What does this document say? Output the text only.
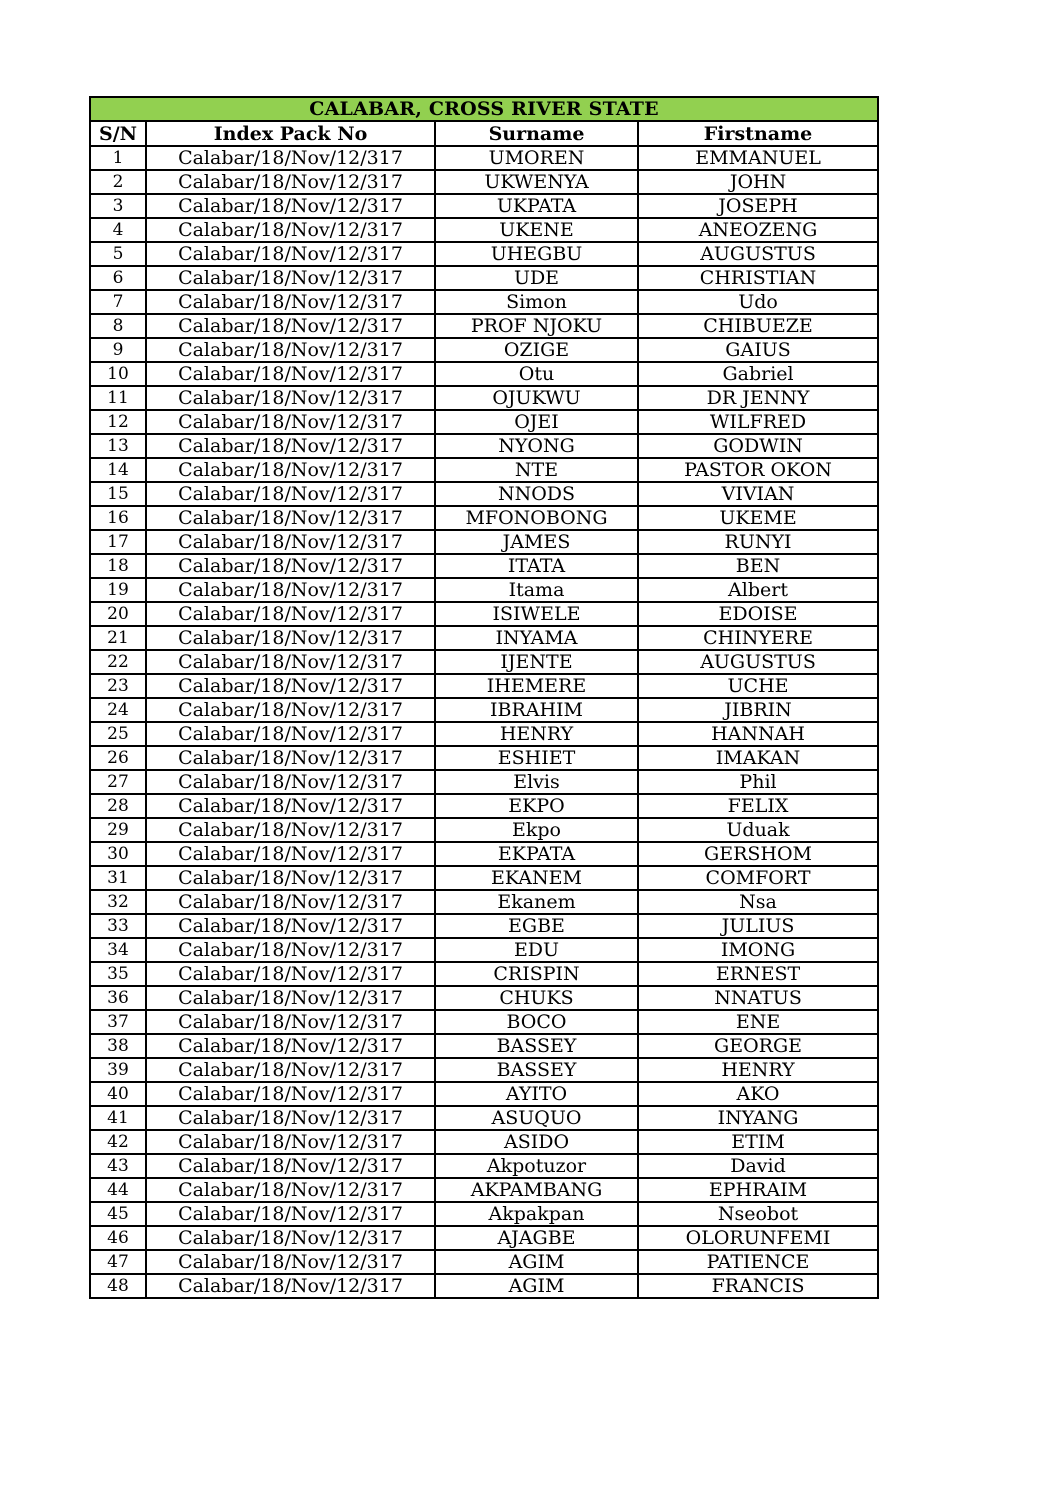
CALABAR, CROSS RIVER STATE			
S/N	Index Pack No	Surname	Firstname
1	Calabar/18/Nov/12/317	UMOREN	EMMANUEL
2	Calabar/18/Nov/12/317	UKWENYA	JOHN
3	Calabar/18/Nov/12/317	UKPATA	JOSEPH
4	Calabar/18/Nov/12/317	UKENE	ANEOZENG
5	Calabar/18/Nov/12/317	UHEGBU	AUGUSTUS
6	Calabar/18/Nov/12/317	UDE	CHRISTIAN
7	Calabar/18/Nov/12/317	Simon	Udo
8	Calabar/18/Nov/12/317	PROF NJOKU	CHIBUEZE
9	Calabar/18/Nov/12/317	OZIGE	GAIUS
10	Calabar/18/Nov/12/317	Otu	Gabriel
11	Calabar/18/Nov/12/317	OJUKWU	DR JENNY
12	Calabar/18/Nov/12/317	OJEI	WILFRED
13	Calabar/18/Nov/12/317	NYONG	GODWIN
14	Calabar/18/Nov/12/317	NTE	PASTOR OKON
15	Calabar/18/Nov/12/317	NNODS	VIVIAN
16	Calabar/18/Nov/12/317	MFONOBONG	UKEME
17	Calabar/18/Nov/12/317	JAMES	RUNYI
18	Calabar/18/Nov/12/317	ITATA	BEN
19	Calabar/18/Nov/12/317	Itama	Albert
20	Calabar/18/Nov/12/317	ISIWELE	EDOISE
21	Calabar/18/Nov/12/317	INYAMA	CHINYERE
22	Calabar/18/Nov/12/317	IJENTE	AUGUSTUS
23	Calabar/18/Nov/12/317	IHEMERE	UCHE
24	Calabar/18/Nov/12/317	IBRAHIM	JIBRIN
25	Calabar/18/Nov/12/317	HENRY	HANNAH
26	Calabar/18/Nov/12/317	ESHIET	IMAKAN
27	Calabar/18/Nov/12/317	Elvis	Phil
28	Calabar/18/Nov/12/317	EKPO	FELIX
29	Calabar/18/Nov/12/317	Ekpo	Uduak
30	Calabar/18/Nov/12/317	EKPATA	GERSHOM
31	Calabar/18/Nov/12/317	EKANEM	COMFORT
32	Calabar/18/Nov/12/317	Ekanem	Nsa
33	Calabar/18/Nov/12/317	EGBE	JULIUS
34	Calabar/18/Nov/12/317	EDU	IMONG
35	Calabar/18/Nov/12/317	CRISPIN	ERNEST
36	Calabar/18/Nov/12/317	CHUKS	NNATUS
37	Calabar/18/Nov/12/317	BOCO	ENE
38	Calabar/18/Nov/12/317	BASSEY	GEORGE
39	Calabar/18/Nov/12/317	BASSEY	HENRY
40	Calabar/18/Nov/12/317	AYITO	AKO
41	Calabar/18/Nov/12/317	ASUQUO	INYANG
42	Calabar/18/Nov/12/317	ASIDO	ETIM
43	Calabar/18/Nov/12/317	Akpotuzor	David
44	Calabar/18/Nov/12/317	AKPAMBANG	EPHRAIM
45	Calabar/18/Nov/12/317	Akpakpan	Nseobot
46	Calabar/18/Nov/12/317	AJAGBE	OLORUNFEMI
47	Calabar/18/Nov/12/317	AGIM	PATIENCE
48	Calabar/18/Nov/12/317	AGIM	FRANCIS
